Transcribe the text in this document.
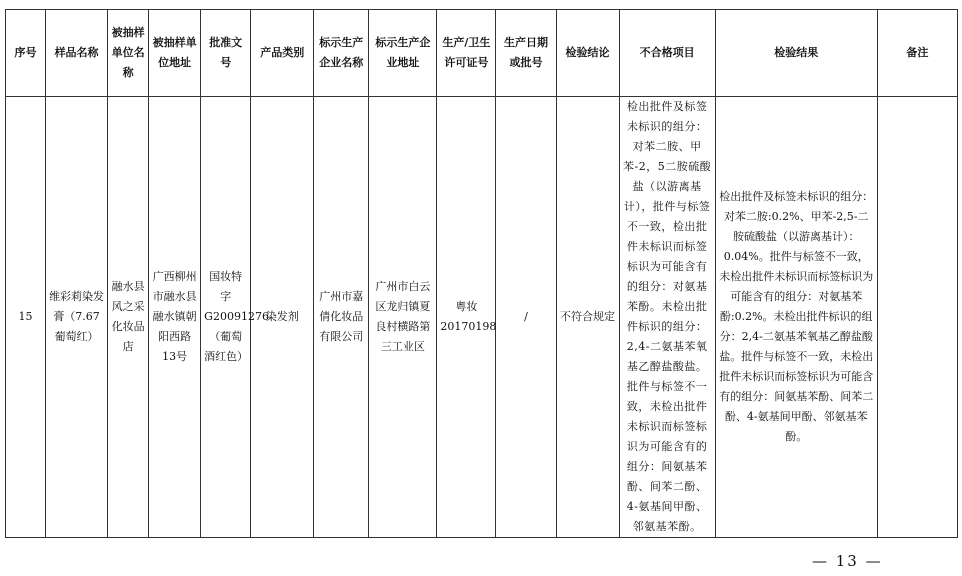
序号	样品名称	被抽样单位名称	被抽样单位地址	批准文号	产品类别	标示生产企业名称	标示生产企业地址	生产/卫生许可证号	生产日期或批号	检验结论	不合格项目	检验结果	备注
15	维彩莉染发膏（7.67葡萄红）	融水县风之采化妆品店	广西柳州市融水县融水镇朝阳西路13号	国妆特字G20091276（葡萄酒红色）	染发剂	广州市嘉倩化妆品有限公司	广州市白云区龙归镇夏良村横路第三工业区	粤妆20170198	/	不符合规定	检出批件及标签未标识的组分：对苯二胺、甲苯-2，5二胺硫酸盐（以游离基计），批件与标签不一致，检出批件未标识而标签标识为可能含有的组分：对氨基苯酚。未检出批件标识的组分：2,4-二氨基苯氧基乙醇盐酸盐。批件与标签不一致，未检出批件未标识而标签标识为可能含有的组分：间氨基苯酚、间苯二酚、4-氨基间甲酚、邻氨基苯酚。	检出批件及标签未标识的组分：对苯二胺:0.2%、甲苯-2,5-二胺硫酸盐（以游离基计）：0.04%。批件与标签不一致，未检出批件未标识而标签标识为可能含有的组分：对氨基苯酚:0.2%。未检出批件标识的组分：2,4-二氨基苯氧基乙醇盐酸盐。批件与标签不一致，未检出批件未标识而标签标识为可能含有的组分：间氨基苯酚、间苯二酚、4-氨基间甲酚、邻氨基苯酚。	
— 13 —
